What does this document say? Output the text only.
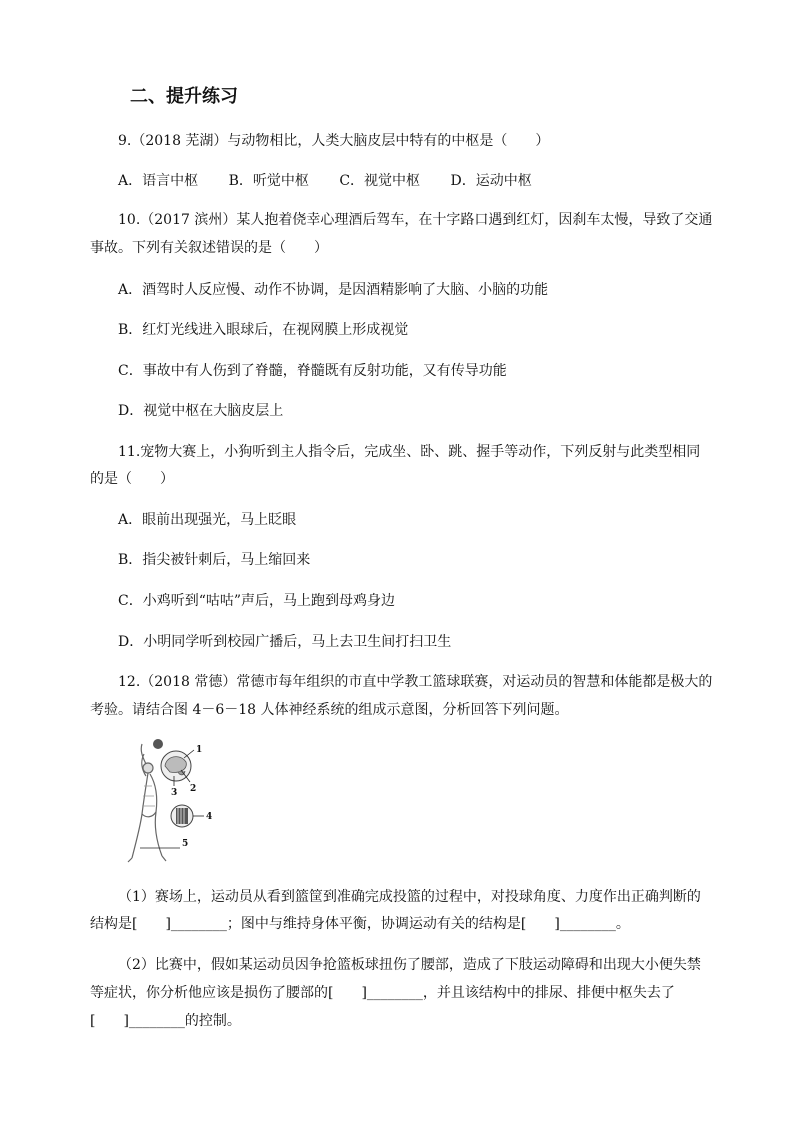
二、提升练习
9.（2018 芜湖）与动物相比，人类大脑皮层中特有的中枢是（　　）
A．语言中枢 B．听觉中枢 C．视觉中枢 D．运动中枢
10.（2017 滨州）某人抱着侥幸心理酒后驾车，在十字路口遇到红灯，因刹车太慢，导致了交通
事故。下列有关叙述错误的是（　　）
A．酒驾时人反应慢、动作不协调，是因酒精影响了大脑、小脑的功能
B．红灯光线进入眼球后，在视网膜上形成视觉
C．事故中有人伤到了脊髓，脊髓既有反射功能，又有传导功能
D．视觉中枢在大脑皮层上
11.宠物大赛上，小狗听到主人指令后，完成坐、卧、跳、握手等动作，下列反射与此类型相同
的是（　　）
A．眼前出现强光，马上眨眼
B．指尖被针刺后，马上缩回来
C．小鸡听到“咕咕”声后，马上跑到母鸡身边
D．小明同学听到校园广播后，马上去卫生间打扫卫生
12.（2018 常德）常德市每年组织的市直中学教工篮球联赛，对运动员的智慧和体能都是极大的
考验。请结合图 4－6－18 人体神经系统的组成示意图，分析回答下列问题。
1
2
3
4
5
（1）赛场上，运动员从看到篮筐到准确完成投篮的过程中，对投球角度、力度作出正确判断的
结构是[　　]________；图中与维持身体平衡，协调运动有关的结构是[　　]________。
（2）比赛中，假如某运动员因争抢篮板球扭伤了腰部，造成了下肢运动障碍和出现大小便失禁
等症状，你分析他应该是损伤了腰部的[　　]________，并且该结构中的排尿、排便中枢失去了
[　　]________的控制。
